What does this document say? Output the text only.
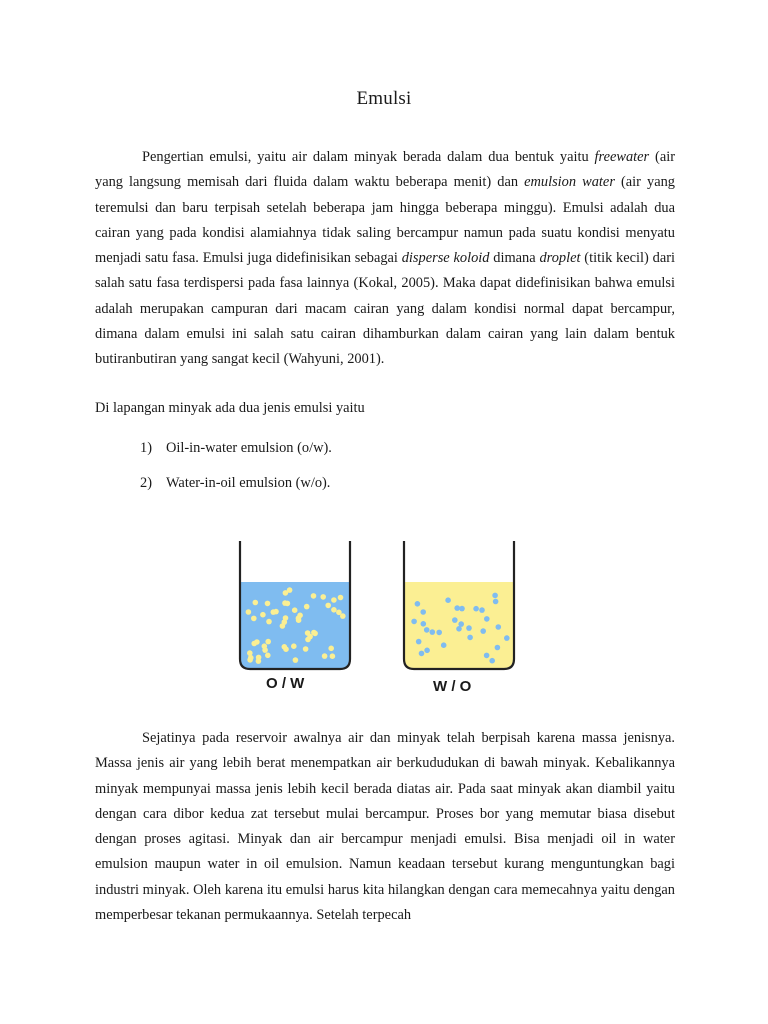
Emulsi

Pengertian emulsi, yaitu air dalam minyak berada dalam dua bentuk yaitu freewater (air yang langsung memisah dari fluida dalam waktu beberapa menit) dan emulsion water (air yang teremulsi dan baru terpisah setelah beberapa jam hingga beberapa minggu). Emulsi adalah dua cairan yang pada kondisi alamiahnya tidak saling bercampur namun pada suatu kondisi menyatu menjadi satu fasa. Emulsi juga didefinisikan sebagai disperse koloid dimana droplet (titik kecil) dari salah satu fasa terdispersi pada fasa lainnya (Kokal, 2005). Maka dapat didefinisikan bahwa emulsi adalah merupakan campuran dari macam cairan yang dalam kondisi normal dapat bercampur, dimana dalam emulsi ini salah satu cairan dihamburkan dalam cairan yang lain dalam bentuk butiranbutiran yang sangat kecil (Wahyuni, 2001).

Di lapangan minyak ada dua jenis emulsi yaitu
1) Oil-in-water emulsion (o/w).
2) Water-in-oil emulsion (w/o).
O / W	W / O

Sejatinya pada reservoir awalnya air dan minyak telah berpisah karena massa jenisnya. Massa jenis air yang lebih berat menempatkan air berkududukan di bawah minyak. Kebalikannya minyak mempunyai massa jenis lebih kecil berada diatas air. Pada saat minyak akan diambil yaitu dengan cara dibor kedua zat tersebut mulai bercampur. Proses bor yang memutar biasa disebut dengan proses agitasi. Minyak dan air bercampur menjadi emulsi. Bisa menjadi oil in water emulsion maupun water in oil emulsion. Namun keadaan tersebut kurang menguntungkan bagi industri minyak. Oleh karena itu emulsi harus kita hilangkan dengan cara memecahnya yaitu dengan memperbesar tekanan permukaannya. Setelah terpecah
